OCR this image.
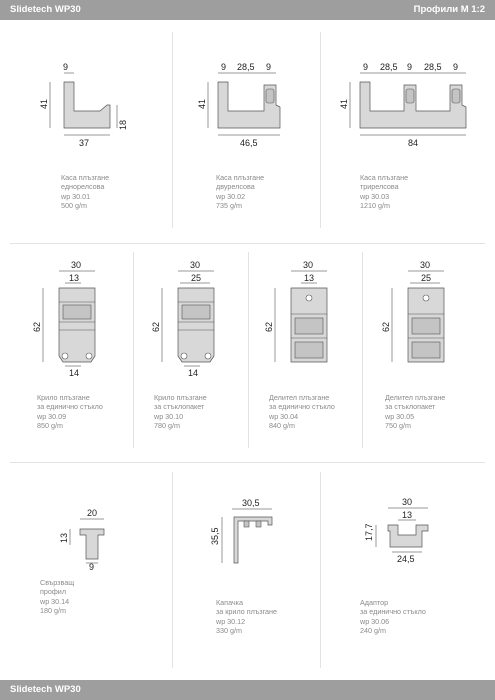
Slidetech WP30	Профили М 1:2
9
41
37
18
Каса плъзгане
еднорелсова
wp 30.01
500 g/m
9 28,5 9
41
46,5
Каса плъзгане
двурелсова
wp 30.02
735 g/m
9 28,5 9 28,5 9
41
84
Каса плъзгане
трирелсова
wp 30.03
1210 g/m
30
13
62
14
Крило плъзгане
за единично стъкло
wp 30.09
850 g/m
30
25
62
14
Крило плъзгане
за стъклопакет
wp 30.10
780 g/m
30
13
62
Делител плъзгане
за единично стъкло
wp 30.04
840 g/m
30
25
62
Делител плъзгане
за стъклопакет
wp 30.05
750 g/m
20
13
9
Свързващ
профил
wp 30.14
180 g/m
30,5
35,5
Капачка
за крило плъзгане
wp 30.12
330 g/m
30
13
17,7
24,5
Адаптор
за единично стъкло
wp 30.06
240 g/m
Slidetech WP30
